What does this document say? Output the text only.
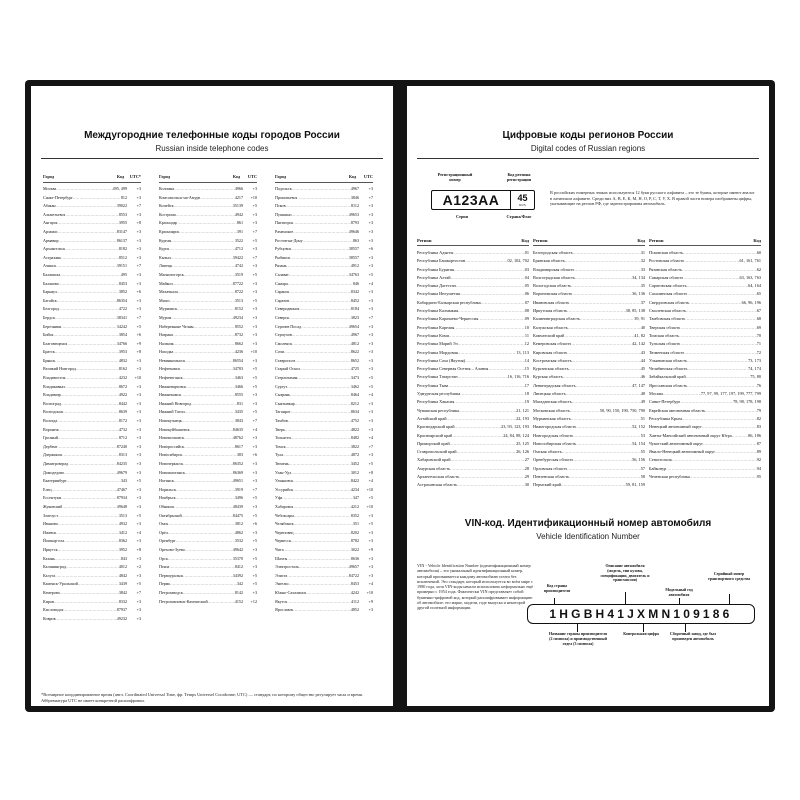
Междугородние телефонные коды городов России
Russian inside telephone codes
Город	Код	UTC*
Москва .....	495, 499	+3
Санкт-Петербург .....	812	+3
Абакан .....	39022	+7
Альметьевск .....	8553	+3
Ангарск .....	3955	+8
Арзамас .....	83147	+3
Армавир .....	86137	+3
Архангельск .....	8182	+3
Астрахань .....	8512	+3
Ачинск .....	39151	+7
Балашиха .....	495	+3
Балаково .....	8453	+3
Барнаул .....	3852	+6
Батайск .....	86354	+3
Белгород .....	4722	+3
Бердск .....	38341	+7
Березники .....	34242	+5
Бийск .....	3854	+6
Благовещенск .....	34766	+9
Братск .....	3953	+8
Брянск .....	4832	+3
Великий Новгород .....	8162	+3
Владивосток .....	4232	+10
Владикавказ .....	8672	+3
Владимир .....	4922	+3
Волгоград .....	8442	+3
Волгодонск .....	8639	+3
Вологда .....	8172	+3
Воронеж .....	4732	+3
Грозный .....	8712	+3
Дербент .....	87240	+3
Дзержинск .....	8313	+3
Димитровград .....	84235	+3
Домодедово .....	49679	+3
Екатеринбург .....	343	+5
Елец .....	47467	+3
Ессентуки .....	87934	+3
Жуковский .....	49648	+3
Златоуст .....	3513	+5
Иваново .....	4932	+3
Ижевск .....	3412	+4
Йошкар-ола .....	8362	+3
Иркутск .....	3952	+8
Казань .....	843	+3
Калининград .....	4012	+2
Калуга .....	4842	+3
Каменск-Уральский .....	3439	+5
Кемерово .....	3842	+7
Киров .....	8332	+3
Кисловодск .....	87937	+3
Ковров .....	49232	+3
Город	Код	UTC
Коломна .....	4966	+3
Комсомольск-на-Амуре .....	4217	+10
Копейск .....	35139	+5
Кострома .....	4942	+3
Краснодар .....	861	+3
Красноярск .....	391	+7
Курган .....	3522	+5
Курск .....	4712	+3
Кызыл .....	39422	+7
Липецк .....	4742	+3
Магнитогорск .....	3519	+5
Майкоп .....	87722	+3
Махачкала .....	8722	+3
Миасс .....	3513	+5
Мурманск .....	8152	+3
Муром .....	49234	+3
Набережные Челны .....	8552	+3
Назрань .....	8732	+3
Нальчик .....	8662	+3
Находка .....	4236	+10
Невинномысск .....	86554	+3
Нефтекамск .....	34783	+5
Нефтеюганск .....	3463	+5
Нижневартовск .....	3466	+5
Нижнекамск .....	8555	+3
Нижний Новгород .....	831	+3
Нижний Тагил .....	3435	+5
Новокузнецк .....	3843	+7
Новокуйбышевск .....	84635	+4
Новомосковск .....	48762	+3
Новороссийск .....	8617	+3
Новосибирск .....	383	+6
Новочеркасск .....	86352	+3
Новошахтинск .....	86369	+3
Ногинск .....	49651	+3
Норильск .....	3919	+7
Ноябрьск .....	3496	+5
Обнинск .....	48439	+3
Октябрьский .....	84475	+5
Омск .....	3812	+6
Орёл .....	4862	+3
Оренбург .....	3532	+5
Орехово-Зуево .....	49642	+3
Орск .....	35370	+5
Пенза .....	8412	+3
Первоуральск .....	34392	+5
Пермь .....	342	+5
Петрозаводск .....	8142	+3
Петропавловск-Камчатский .....	4152	+12
Город	Код	UTC
Подольск .....	4967	+3
Прокопьевск .....	3846	+7
Псков .....	8112	+3
Пушкино .....	49653	+3
Пятигорск .....	8793	+3
Раменское .....	49646	+3
Ростов-на-Дону .....	863	+3
Рубцовск .....	38557	+6
Рыбинск .....	38557	+3
Рязань .....	4912	+3
Салават .....	34763	+5
Самара .....	846	+4
Саранск .....	8342	+3
Саратов .....	8452	+3
Северодвинск .....	8184	+3
Северск .....	3823	+7
Сергиев Посад .....	49654	+3
Серпухов .....	4967	+3
Смоленск .....	4812	+3
Сочи .....	8622	+3
Ставрополь .....	8652	+3
Старый Оскол .....	4725	+3
Стерлитамак .....	3473	+5
Сургут .....	3462	+5
Сызрань .....	8464	+4
Сыктывкар .....	8212	+3
Таганрог .....	8634	+3
Тамбов .....	4752	+3
Тверь .....	4822	+3
Тольятти .....	8482	+4
Томск .....	3822	+7
Тула .....	4872	+3
Тюмень .....	3452	+5
Улан-Удэ .....	3012	+8
Ульяновск .....	8422	+4
Уссурийск .....	4234	+10
Уфа .....	347	+5
Хабаровск .....	4212	+10
Чебоксары .....	8352	+3
Челябинск .....	351	+5
Череповец .....	8202	+3
Черкесск .....	8782	+3
Чита .....	3022	+9
Шахты .....	8636	+3
Электросталь .....	49657	+3
Элиста .....	84722	+3
Энгельс .....	8453	+4
Южно-Сахалинск .....	4242	+10
Якутск .....	4112	+9
Ярославль .....	4852	+3
*Всемирное координированное время (англ. Coordinated Universal Time, фр. Temps Universel Coordonne; UTC) — стандарт, по которому общество регулирует часы и время. Аббревиатура UTC не имеет конкретной расшифровки.
Цифровые коды регионов России
Digital codes of Russian regions
Регистрационный номер
Код региона регистрации
А123АА	45
RUS
Серия	Страна/Флаг
В российских номерных знаках используются 12 букв русского алфавита – это те буквы, которые имеют аналог в латинском алфавите. Среди них А, В, Е, К, М, Н, О, Р, С, Т, У, Х. В правой части номера изображены цифры, указывающие на регион РФ, где зарегистрирована автомобиль.
Регион	Код
Республика Адыгея .....	01
Республика Башкортостан .....	02, 102, 702
Республика Бурятия .....	03
Республика Алтай .....	04
Республика Дагестан .....	05
Республика Ингушетия .....	06
Кабардино-Балкарская республика .....	07
Республика Калмыкия .....	08
Республика Карачаево-Черкессия .....	09
Республика Карелия .....	10
Республика Коми .....	11
Республика Марий Эл .....	12
Республика Мордовия .....	13, 113
Республика Саха (Якутия) .....	14
Республика Северная Осетия – Алания .....	15
Республика Татарстан .....	16, 116, 716
Республика Тыва .....	17
Удмуртская республика .....	18
Республика Хакасия .....	19
Чувашская республика .....	21, 121
Алтайский край .....	22, 193
Краснодарский край .....	23, 93, 123, 193
Красноярский край .....	24, 84, 88, 124
Приморский край .....	25, 125
Ставропольский край .....	26, 126
Хабаровский край .....	27
Амурская область .....	28
Архангельская область .....	29
Астраханская область .....	30
Регион	Код
Белгородская область .....	31
Брянская область .....	32
Владимирская область .....	33
Волгоградская область .....	34, 134
Вологодская область .....	35
Воронежская область .....	36, 136
Ивановская область .....	37
Иркутская область .....	38, 85, 138
Калининградская область .....	39, 91
Калужская область .....	40
Камчатский край .....	41, 82
Кемеровская область .....	42, 142
Кировская область .....	43
Костромская область .....	44
Курганская область .....	45
Курская область .....	46
Ленинградская область .....	47, 147
Липецкая область .....	48
Магаданская область .....	49
Московская область .....	50, 90, 150, 190, 750, 790
Мурманская область .....	51
Нижегородская область .....	52, 152
Новгородская область .....	53
Новосибирская область .....	54, 154
Омская область .....	55
Оренбургская область .....	56, 156
Орловская область .....	57
Пензенская область .....	58
Пермский край .....	59, 81, 159
Регион	Код
Псковская область .....	60
Ростовская область .....	61, 161, 761
Рязанская область .....	62
Самарская область .....	63, 163, 763
Саратовская область .....	64, 164
Сахалинская область .....	65
Свердловская область .....	66, 96, 196
Смоленская область .....	67
Тамбовская область .....	68
Тверская область .....	69
Томская область .....	70
Тульская область .....	71
Тюменская область .....	72
Ульяновская область .....	73, 173
Челябинская область .....	74, 174
Забайкальский край .....	75, 80
Ярославская область .....	76
Москва .....	77, 97, 99, 177, 197, 199, 777, 799
Санкт-Петербург .....	78, 98, 178, 198
Еврейская автономная область .....	79
Республика Крым .....	82
Ненецкий автономный округ .....	83
Ханты-Мансийский автономный округ Югра .....	86, 186
Чукотский автономный округ .....	87
Ямало-Ненецкий автономный округ .....	89
Севастополь .....	92
Байконур .....	94
Чеченская республика .....	95
VIN-код. Идентификационный номер автомобиля
Vehicle Identification Number
VIN - Vehicle Identification Number (идентификационный номер автомобиля) – это уникальный идентификационный номер, который присваивается каждому автомобилю почти без исключений. Это стандарт, который используется во всём мире с 1980 года, хотя VIN-коды начали использовать неформально ещё примерно с 1954 года. Фактически VIN представляет собой буквенно-цифровой код, который расшифровывает информацию об автомобиле: его марке, модели, годе выпуска и некоторой другой полезной информации.
Код страны производителя
Описание автомобиля (модель, тип кузова, спецификации, двигатель и трансмиссия)
Модельный год автомобиля
Серийный номер транспортного средства
1HGBH41JXMN109186
Название страны производителя (2 символа) и производственный отдел (3 символа)
Контрольная цифра	Сборочный завод, где был произведен автомобиль
